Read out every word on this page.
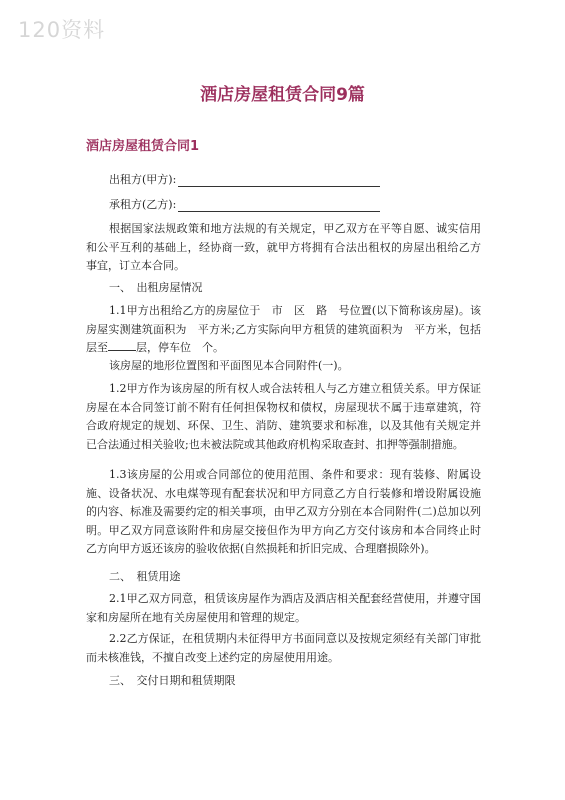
120资料
酒店房屋租赁合同9篇
酒店房屋租赁合同1
出租方(甲方):
承租方(乙方):

根据国家法规政策和地方法规的有关规定，甲乙双方在平等自愿、诚实信用和公平互利的基础上，经协商一致，就甲方将拥有合法出租权的房屋出租给乙方事宜，订立本合同。

一、　出租房屋情况

1.1甲方出租给乙方的房屋位于　市　区　路　号位置(以下简称该房屋)。该房屋实测建筑面积为　平方米;乙方实际向甲方租赁的建筑面积为　平方米，包括层至	层，停车位　个。

该房屋的地形位置图和平面图见本合同附件(一)。

1.2甲方作为该房屋的所有权人或合法转租人与乙方建立租赁关系。甲方保证房屋在本合同签订前不附有任何担保物权和债权，房屋现状不属于违章建筑，符合政府规定的规划、环保、卫生、消防、建筑要求和标准，以及其他有关规定并已合法通过相关验收;也未被法院或其他政府机构采取查封、扣押等强制措施。

1.3该房屋的公用或合同部位的使用范围、条件和要求：现有装修、附属设施、设备状况、水电煤等现有配套状况和甲方同意乙方自行装修和增设附属设施的内容、标准及需要约定的相关事项，由甲乙双方分别在本合同附件(二)总加以列明。甲乙双方同意该附件和房屋交接但作为甲方向乙方交付该房和本合同终止时乙方向甲方返还该房的验收依据(自然损耗和折旧完成、合理磨损除外)。

二、　租赁用途

2.1甲乙双方同意，租赁该房屋作为酒店及酒店相关配套经营使用，并遵守国家和房屋所在地有关房屋使用和管理的规定。

2.2乙方保证，在租赁期内未征得甲方书面同意以及按规定须经有关部门审批而未核准钱，不擅自改变上述约定的房屋使用用途。

三、　交付日期和租赁期限
